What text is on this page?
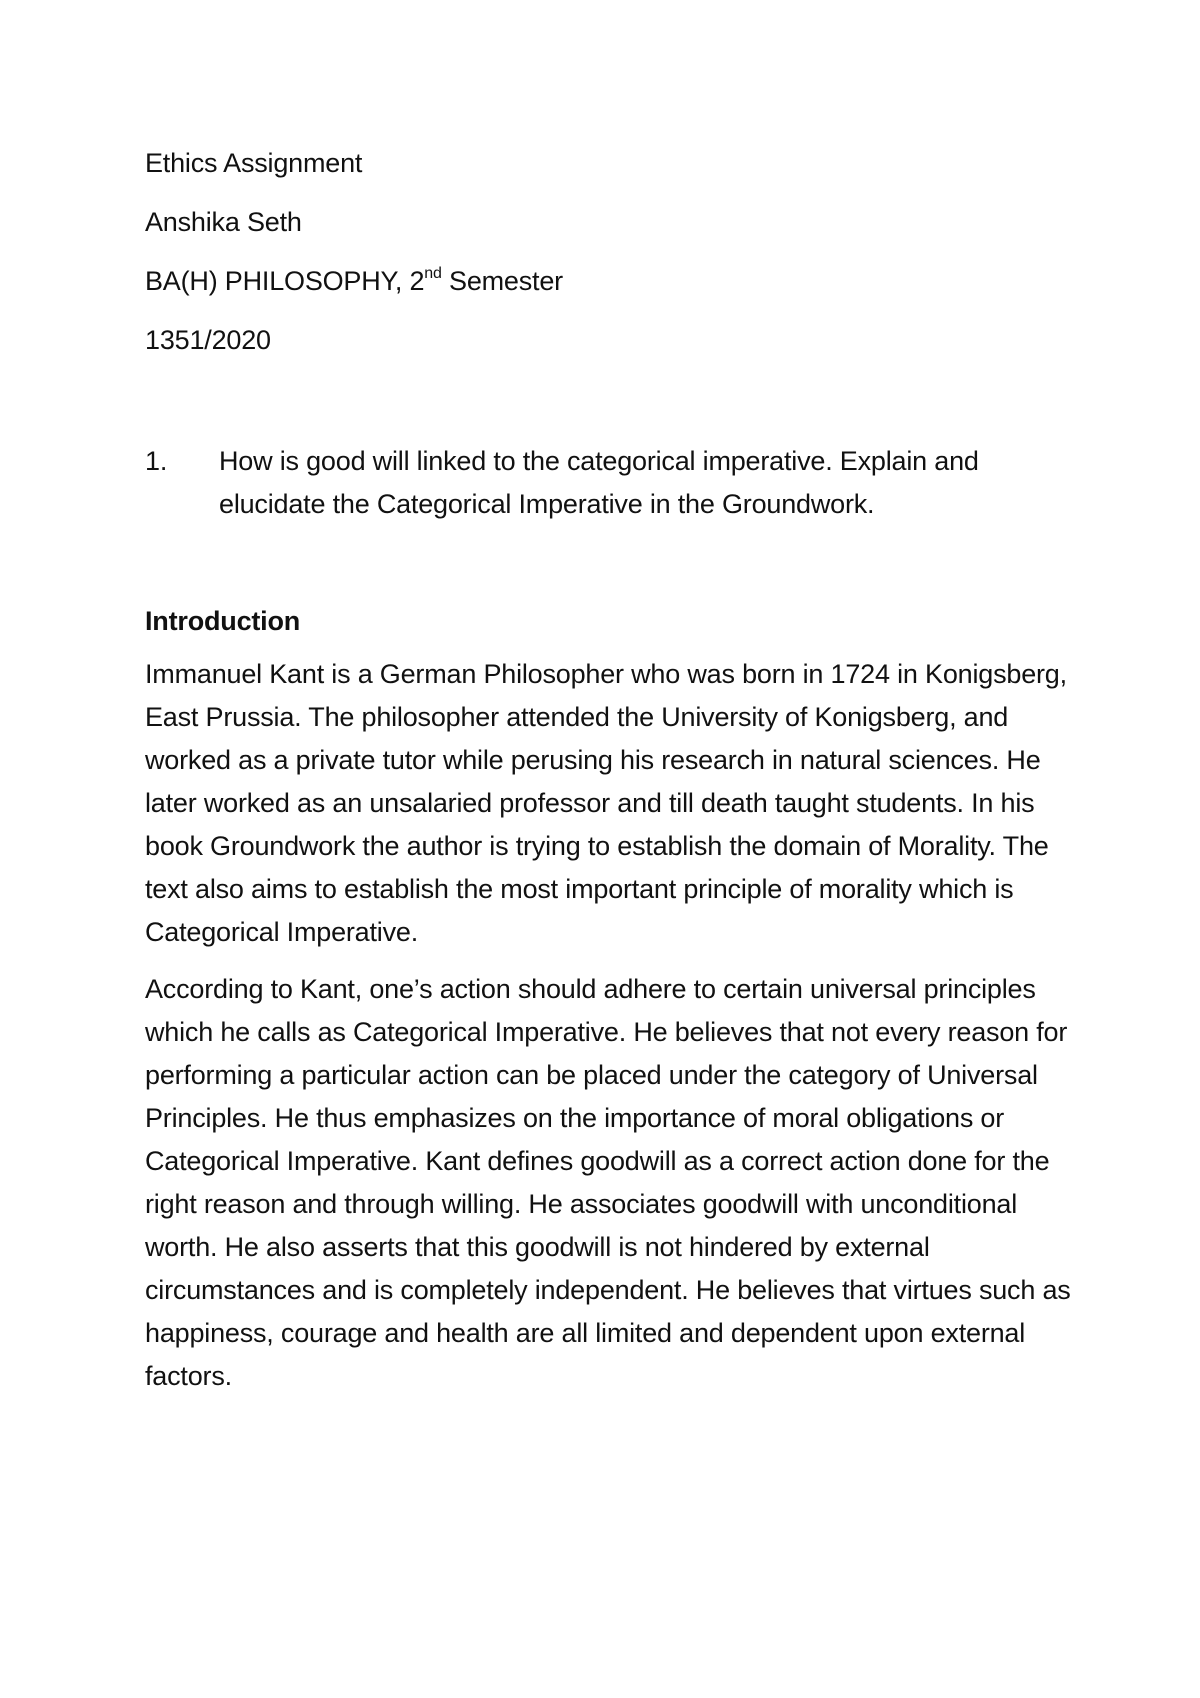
Ethics Assignment

Anshika Seth

BA(H) PHILOSOPHY, 2nd Semester

1351/2020

1. How is good will linked to the categorical imperative. Explain and elucidate the Categorical Imperative in the Groundwork.
Introduction

Immanuel Kant is a German Philosopher who was born in 1724 in Konigsberg, East Prussia. The philosopher attended the University of Konigsberg, and worked as a private tutor while perusing his research in natural sciences. He later worked as an unsalaried professor and till death taught students. In his book Groundwork the author is trying to establish the domain of Morality. The text also aims to establish the most important principle of morality which is Categorical Imperative.

According to Kant, one’s action should adhere to certain universal principles which he calls as Categorical Imperative. He believes that not every reason for performing a particular action can be placed under the category of Universal Principles. He thus emphasizes on the importance of moral obligations or Categorical Imperative. Kant defines goodwill as a correct action done for the right reason and through willing. He associates goodwill with unconditional worth. He also asserts that this goodwill is not hindered by external circumstances and is completely independent. He believes that virtues such as happiness, courage and health are all limited and dependent upon external factors.
